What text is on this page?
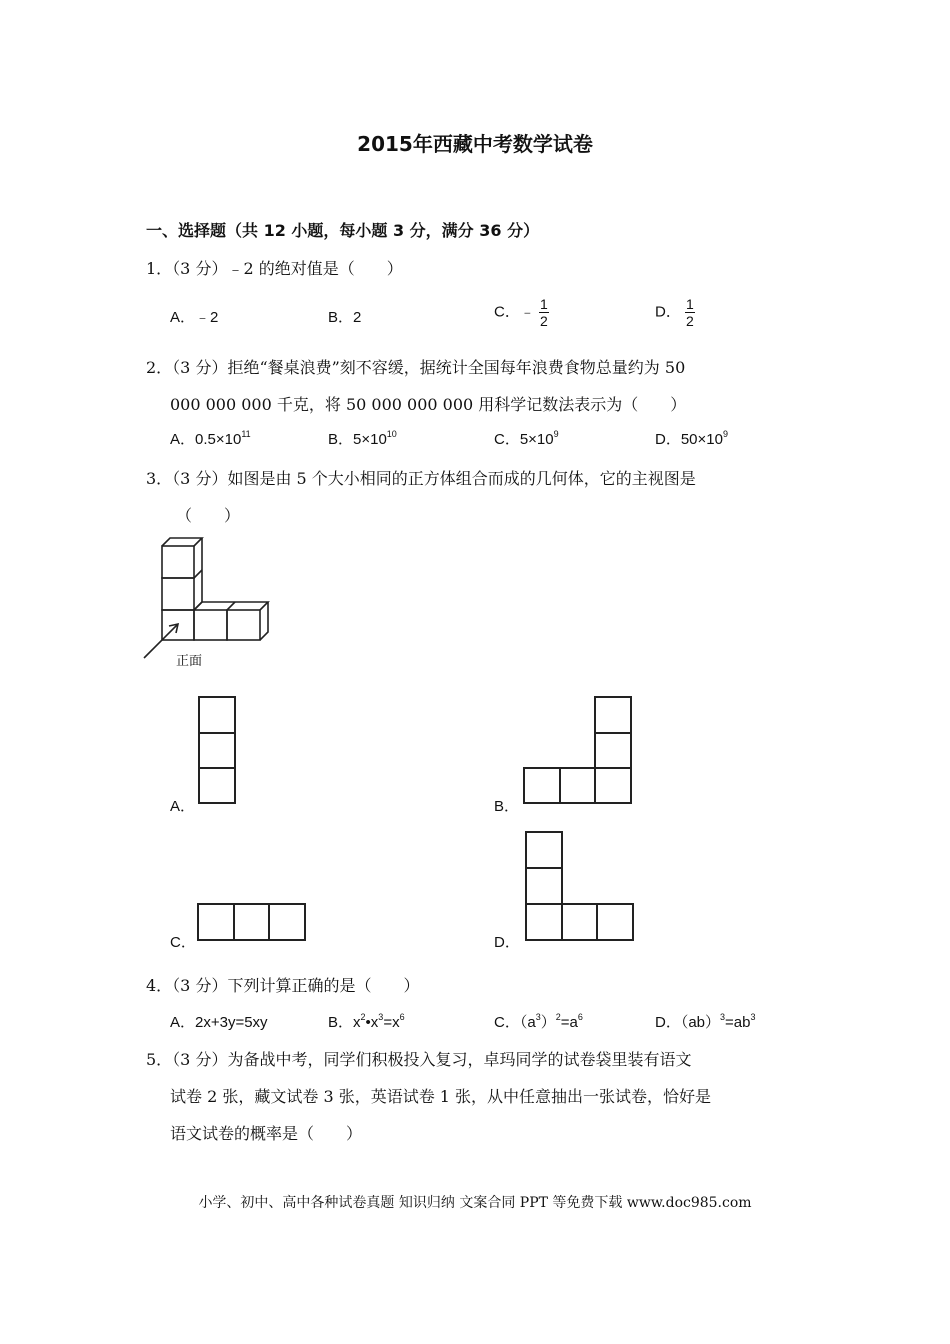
2015年西藏中考数学试卷
一、选择题（共 12 小题，每小题 3 分，满分 36 分）
1．（3 分）﹣2 的绝对值是（　　）
A．﹣2	B．2	C．﹣ $\frac{1}{2}$	D． $\frac{1}{2}$
2．（3 分）拒绝“餐桌浪费”刻不容缓，据统计全国每年浪费食物总量约为 50
000 000 000 千克，将 50 000 000 000 用科学记数法表示为（　　）
A．$0.5\times 10^{11}$	B．$5\times 10^{10}$	C．$5\times 10^9$	D．$50\times 10^9$
3．（3 分）如图是由 5 个大小相同的正方体组合而成的几何体，它的主视图是
（　　）
正面
A．	B．
C．	D．
4．（3 分）下列计算正确的是（　　）
A．2x+3y=5xy	B．$x^2•x^3=x^6$	C．$(a^3)^2=a^6$	D．$(ab)^3=ab^3$
5．（3 分）为备战中考，同学们积极投入复习，卓玛同学的试卷袋里装有语文
试卷 2 张，藏文试卷 3 张，英语试卷 1 张，从中任意抽出一张试卷，恰好是
语文试卷的概率是（　　）
小学、初中、高中各种试卷真题 知识归纳 文案合同 PPT 等免费下载 www.doc985.com
